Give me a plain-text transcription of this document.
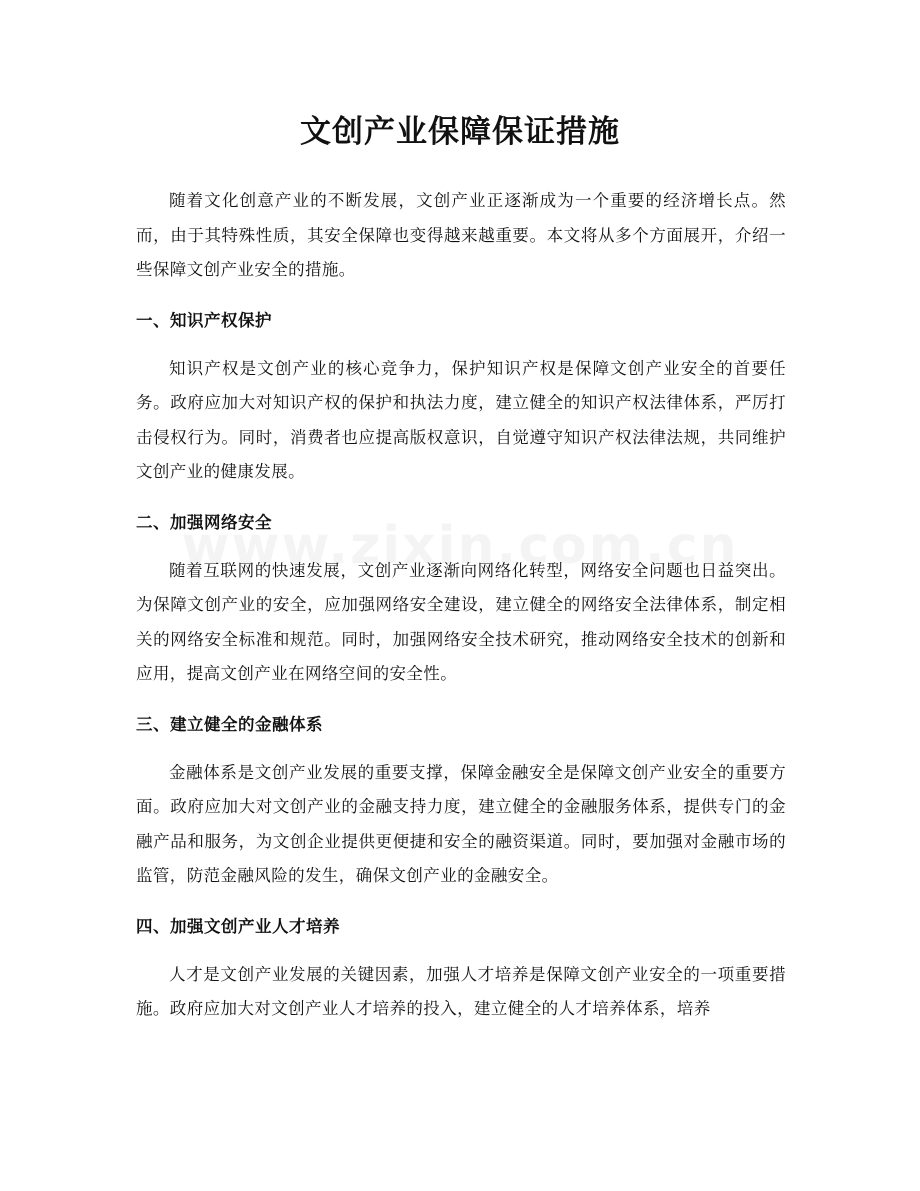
文创产业保障保证措施

随着文化创意产业的不断发展，文创产业正逐渐成为一个重要的经济增长点。然而，由于其特殊性质，其安全保障也变得越来越重要。本文将从多个方面展开，介绍一些保障文创产业安全的措施。

一、知识产权保护

知识产权是文创产业的核心竞争力，保护知识产权是保障文创产业安全的首要任务。政府应加大对知识产权的保护和执法力度，建立健全的知识产权法律体系，严厉打击侵权行为。同时，消费者也应提高版权意识，自觉遵守知识产权法律法规，共同维护文创产业的健康发展。

二、加强网络安全

随着互联网的快速发展，文创产业逐渐向网络化转型，网络安全问题也日益突出。为保障文创产业的安全，应加强网络安全建设，建立健全的网络安全法律体系，制定相关的网络安全标准和规范。同时，加强网络安全技术研究，推动网络安全技术的创新和应用，提高文创产业在网络空间的安全性。

三、建立健全的金融体系

金融体系是文创产业发展的重要支撑，保障金融安全是保障文创产业安全的重要方面。政府应加大对文创产业的金融支持力度，建立健全的金融服务体系，提供专门的金融产品和服务，为文创企业提供更便捷和安全的融资渠道。同时，要加强对金融市场的监管，防范金融风险的发生，确保文创产业的金融安全。

四、加强文创产业人才培养

人才是文创产业发展的关键因素，加强人才培养是保障文创产业安全的一项重要措施。政府应加大对文创产业人才培养的投入，建立健全的人才培养体系，培养
